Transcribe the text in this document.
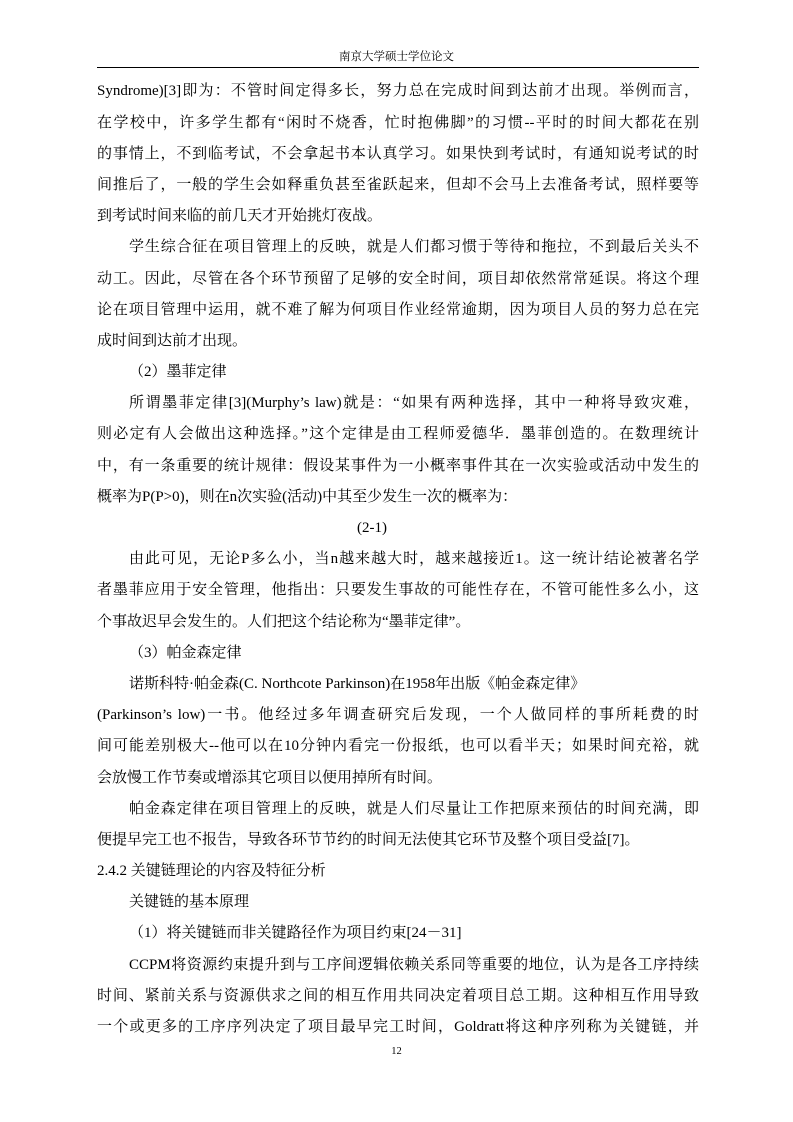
南京大学硕士学位论文
Syndrome)[3]即为：不管时间定得多长，努力总在完成时间到达前才出现。举例而言，
在学校中，许多学生都有“闲时不烧香，忙时抱佛脚”的习惯--平时的时间大都花在别
的事情上，不到临考试，不会拿起书本认真学习。如果快到考试时，有通知说考试的时
间推后了，一般的学生会如释重负甚至雀跃起来，但却不会马上去准备考试，照样要等
到考试时间来临的前几天才开始挑灯夜战。
学生综合征在项目管理上的反映，就是人们都习惯于等待和拖拉，不到最后关头不
动工。因此，尽管在各个环节预留了足够的安全时间，项目却依然常常延误。将这个理
论在项目管理中运用，就不难了解为何项目作业经常逾期，因为项目人员的努力总在完
成时间到达前才出现。
（2）墨菲定律
所谓墨菲定律[3](Murphy’s law)就是：“如果有两种选择，其中一种将导致灾难，
则必定有人会做出这种选择。”这个定律是由工程师爱德华．墨菲创造的。在数理统计
中，有一条重要的统计规律：假设某事件为一小概率事件其在一次实验或活动中发生的
概率为P(P>0)，则在n次实验(活动)中其至少发生一次的概率为：
(2-1)
由此可见，无论P多么小，当n越来越大时，越来越接近1。这一统计结论被著名学
者墨菲应用于安全管理，他指出：只要发生事故的可能性存在，不管可能性多么小，这
个事故迟早会发生的。人们把这个结论称为“墨菲定律”。
（3）帕金森定律
诺斯科特·帕金森(C. Northcote Parkinson)在1958年出版《帕金森定律》
(Parkinson’s low)一书。他经过多年调查研究后发现，一个人做同样的事所耗费的时
间可能差别极大--他可以在10分钟内看完一份报纸，也可以看半天；如果时间充裕，就
会放慢工作节奏或增添其它项目以便用掉所有时间。
帕金森定律在项目管理上的反映，就是人们尽量让工作把原来预估的时间充满，即
便提早完工也不报告，导致各环节节约的时间无法使其它环节及整个项目受益[7]。
2.4.2 关键链理论的内容及特征分析
关键链的基本原理
（1）将关键链而非关键路径作为项目约束[24－31]
CCPM将资源约束提升到与工序间逻辑依赖关系同等重要的地位，认为是各工序持续
时间、紧前关系与资源供求之间的相互作用共同决定着项目总工期。这种相互作用导致
一个或更多的工序序列决定了项目最早完工时间，Goldratt将这种序列称为关键链，并
12
